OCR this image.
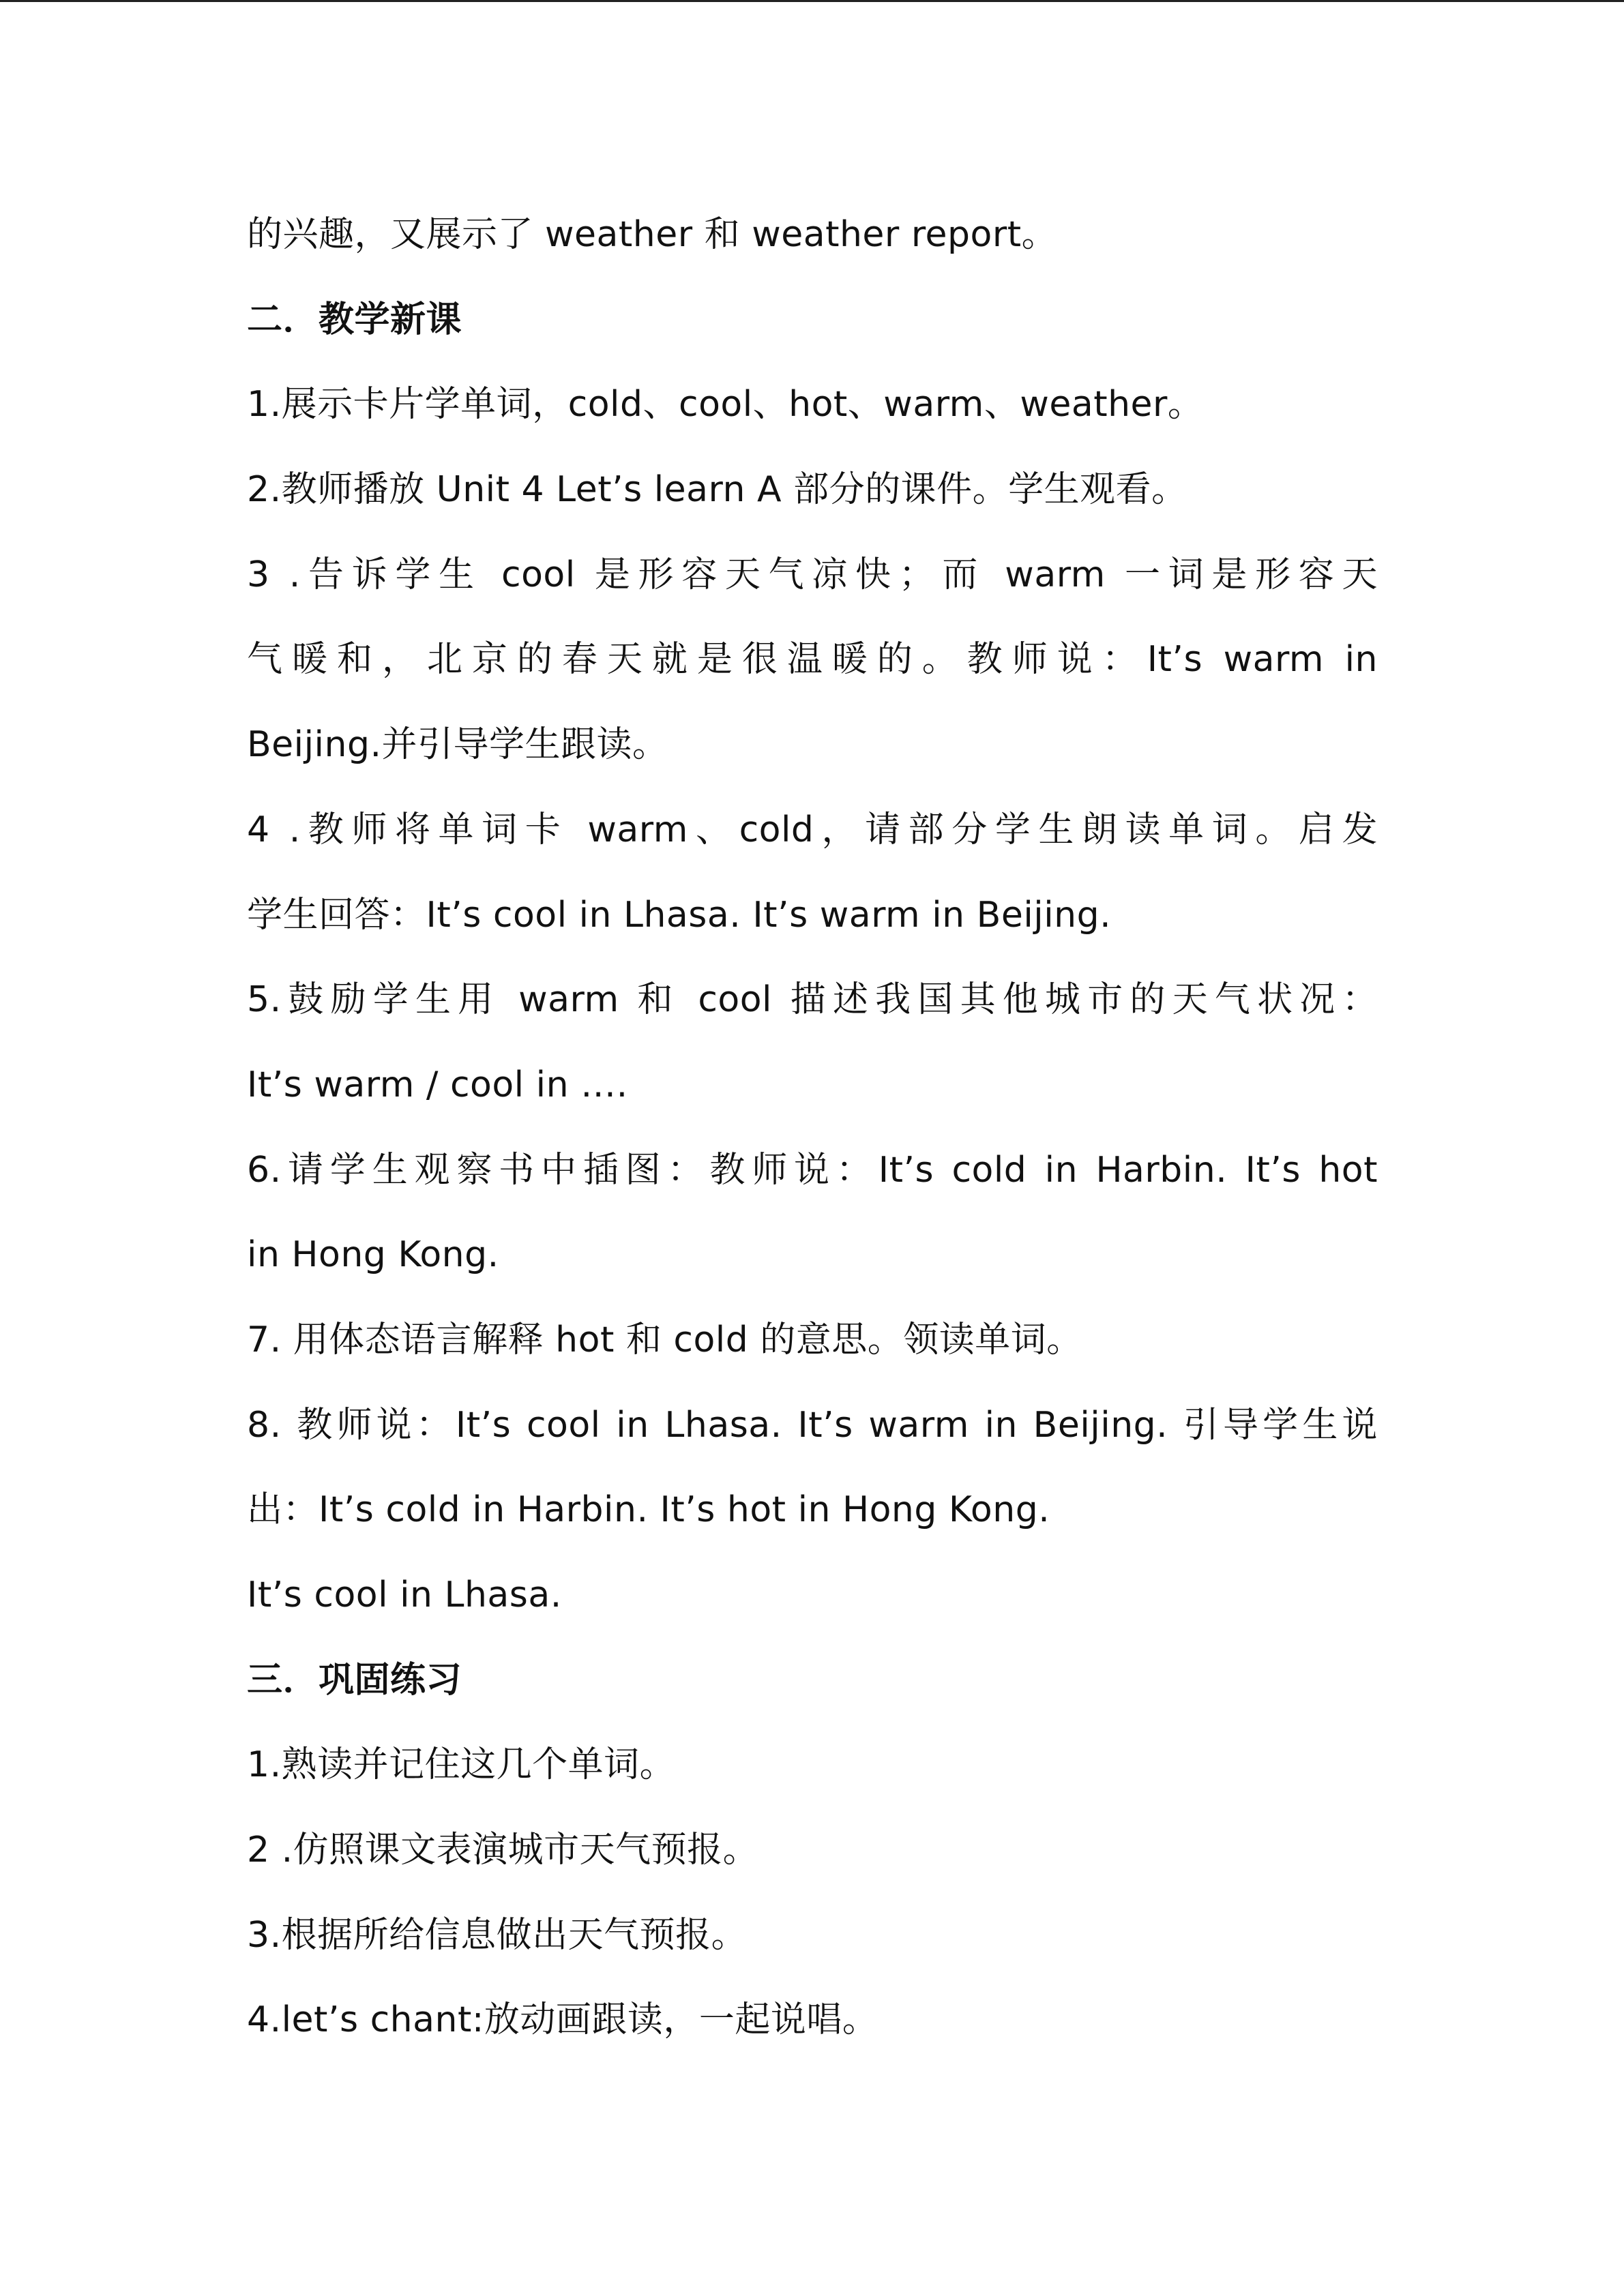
的兴趣，又展示了 weather 和 weather report。
二．教学新课
1.展示卡片学单词，cold、cool、hot、warm、weather。
2.教师播放 Unit 4 Let’s learn A 部分的课件。学生观看。
3 .告诉学生 cool 是形容天气凉快；而 warm 一词是形容天
气暖和，北京的春天就是很温暖的。教师说：It’s warm in
Beijing.并引导学生跟读。
4 .教师将单词卡 warm、cold，请部分学生朗读单词。启发
学生回答：It’s cool in Lhasa. It’s warm in Beijing.
5.鼓励学生用 warm 和 cool 描述我国其他城市的天气状况：
It’s warm / cool in ….
6.请学生观察书中插图：教师说：It’s cold in Harbin. It’s hot
in Hong Kong.
7. 用体态语言解释 hot 和 cold 的意思。领读单词。
8. 教师说：It’s cool in Lhasa. It’s warm in Beijing. 引导学生说
出：It’s cold in Harbin. It’s hot in Hong Kong.
It’s cool in Lhasa.
三．巩固练习
1.熟读并记住这几个单词。
2 .仿照课文表演城市天气预报。
3.根据所给信息做出天气预报。
4.let’s chant:放动画跟读，一起说唱。
